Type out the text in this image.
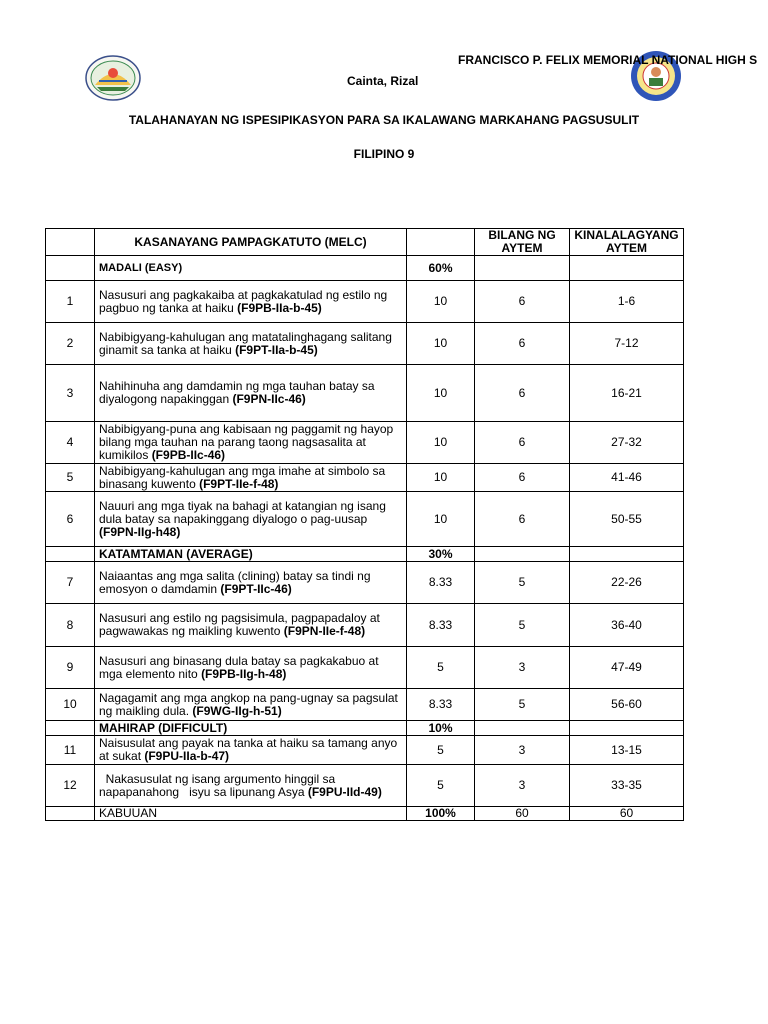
FRANCISCO P. FELIX MEMORIAL NATIONAL HIGH S
Cainta, Rizal
TALAHANAYAN NG ISPESIPIKASYON PARA SA IKALAWANG MARKAHANG PAGSUSULIT
FILIPINO 9
	KASANAYANG PAMPAGKATUTO (MELC)		BILANG NG AYTEM	KINALALAGYANG AYTEM
	MADALI (EASY)	60%		
1	Nasusuri ang pagkakaiba at pagkakatulad ng estilo ng pagbuo ng tanka at haiku (F9PB-IIa-b-45)	10	6	1-6
2	Nabibigyang-kahulugan ang matatalinghagang salitang ginamit sa tanka at haiku (F9PT-IIa-b-45)	10	6	7-12
3	Nahihinuha ang damdamin ng mga tauhan batay sa diyalogong napakinggan (F9PN-IIc-46)	10	6	16-21
4	Nabibigyang-puna ang kabisaan ng paggamit ng hayop bilang mga tauhan na parang taong nagsasalita at kumikilos (F9PB-IIc-46)	10	6	27-32
5	Nabibigyang-kahulugan ang mga imahe at simbolo sa binasang kuwento (F9PT-IIe-f-48)	10	6	41-46
6	Nauuri ang mga tiyak na bahagi at katangian ng isang dula batay sa napakinggang diyalogo o pag-uusap (F9PN-IIg-h48)	10	6	50-55
	KATAMTAMAN (AVERAGE)	30%		
7	Naiaantas ang mga salita (clining) batay sa tindi ng emosyon o damdamin (F9PT-IIc-46)	8.33	5	22-26
8	Nasusuri ang estilo ng pagsisimula, pagpapadaloy at pagwawakas ng maikling kuwento (F9PN-IIe-f-48)	8.33	5	36-40
9	Nasusuri ang binasang dula batay sa pagkakabuo at mga elemento nito (F9PB-IIg-h-48)	5	3	47-49
10	Nagagamit ang mga angkop na pang-ugnay sa pagsulat ng maikling dula. (F9WG-IIg-h-51)	8.33	5	56-60
	MAHIRAP (DIFFICULT)	10%		
11	Naisusulat ang payak na tanka at haiku sa tamang anyo at sukat (F9PU-IIa-b-47)	5	3	13-15
12	Nakasusulat ng isang argumento hinggil sa napapanahong   isyu sa lipunang Asya (F9PU-IId-49)	5	3	33-35
	KABUUAN	100%	60	60
